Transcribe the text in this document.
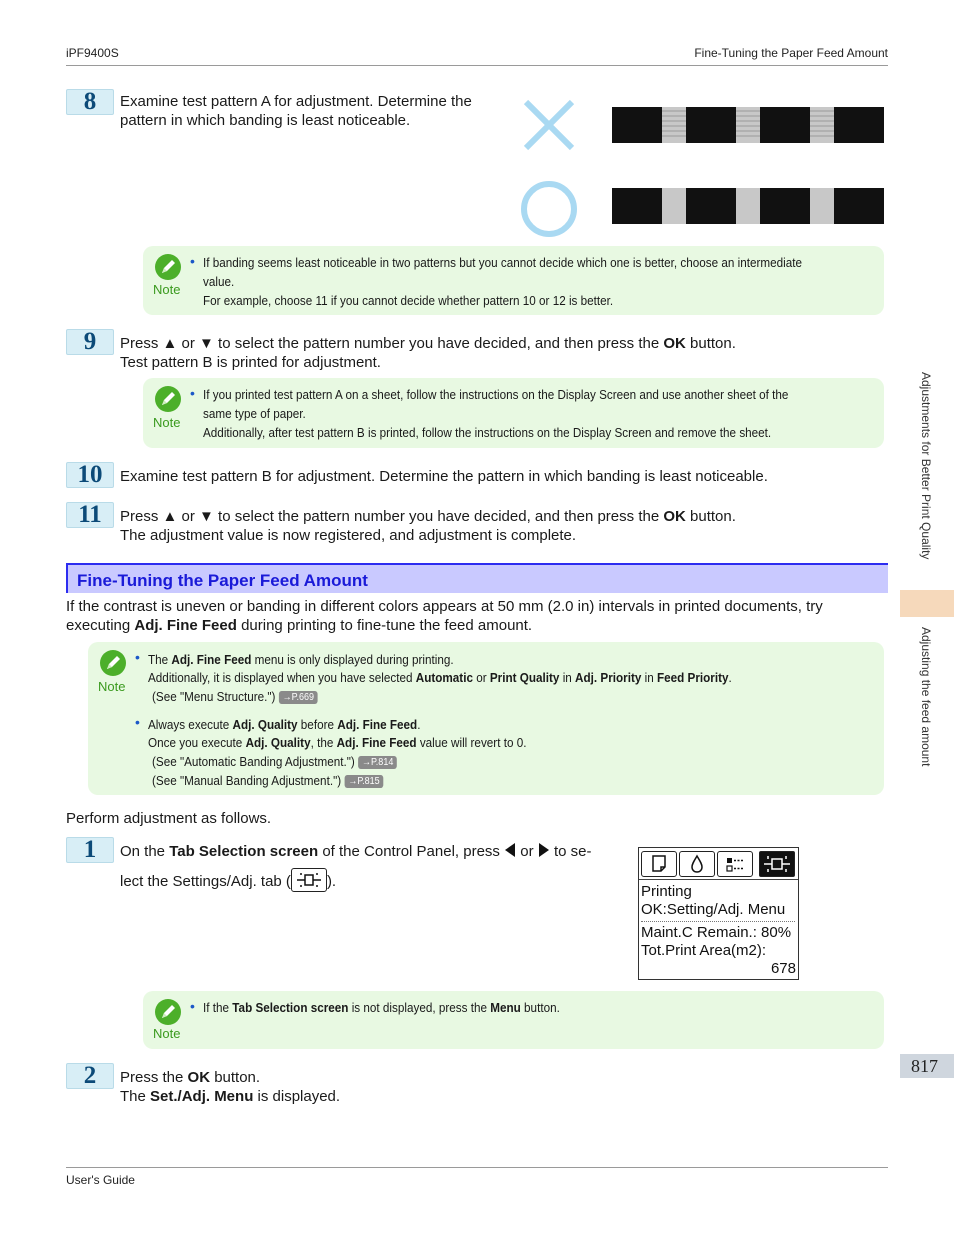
iPF9400S	Fine-Tuning the Paper Feed Amount
8	Examine test pattern A for adjustment. Determine the
pattern in which banding is least noticeable.
Note
• If banding seems least noticeable in two patterns but you cannot decide which one is better, choose an intermediate
value.
For example, choose 11 if you cannot decide whether pattern 10 or 12 is better.
9	Press ▲ or ▼ to select the pattern number you have decided, and then press the OK button.
Test pattern B is printed for adjustment.
Note
• If you printed test pattern A on a sheet, follow the instructions on the Display Screen and use another sheet of the
same type of paper.
Additionally, after test pattern B is printed, follow the instructions on the Display Screen and remove the sheet.
10	Examine test pattern B for adjustment. Determine the pattern in which banding is least noticeable.
11	Press ▲ or ▼ to select the pattern number you have decided, and then press the OK button.
The adjustment value is now registered, and adjustment is complete.
Fine-Tuning the Paper Feed Amount
If the contrast is uneven or banding in different colors appears at 50 mm (2.0 in) intervals in printed documents, try
executing Adj. Fine Feed during printing to fine-tune the feed amount.
Note
• The Adj. Fine Feed menu is only displayed during printing.
Additionally, it is displayed when you have selected Automatic or Print Quality in Adj. Priority in Feed Priority.
(See "Menu Structure.") →P.669
• Always execute Adj. Quality before Adj. Fine Feed.
Once you execute Adj. Quality, the Adj. Fine Feed value will revert to 0.
(See "Automatic Banding Adjustment.") →P.814
(See "Manual Banding Adjustment.") →P.815
Perform adjustment as follows.
1	On the Tab Selection screen of the Control Panel, press or to se-
lect the Settings/Adj. tab ( ).
Printing
OK:Setting/Adj. Menu
Maint.C Remain.: 80%
Tot.Print Area(m2):
678
Note
• If the Tab Selection screen is not displayed, press the Menu button.
2	Press the OK button.
The Set./Adj. Menu is displayed.
Adjustments for Better Print Quality
Adjusting the feed amount
817
User's Guide
